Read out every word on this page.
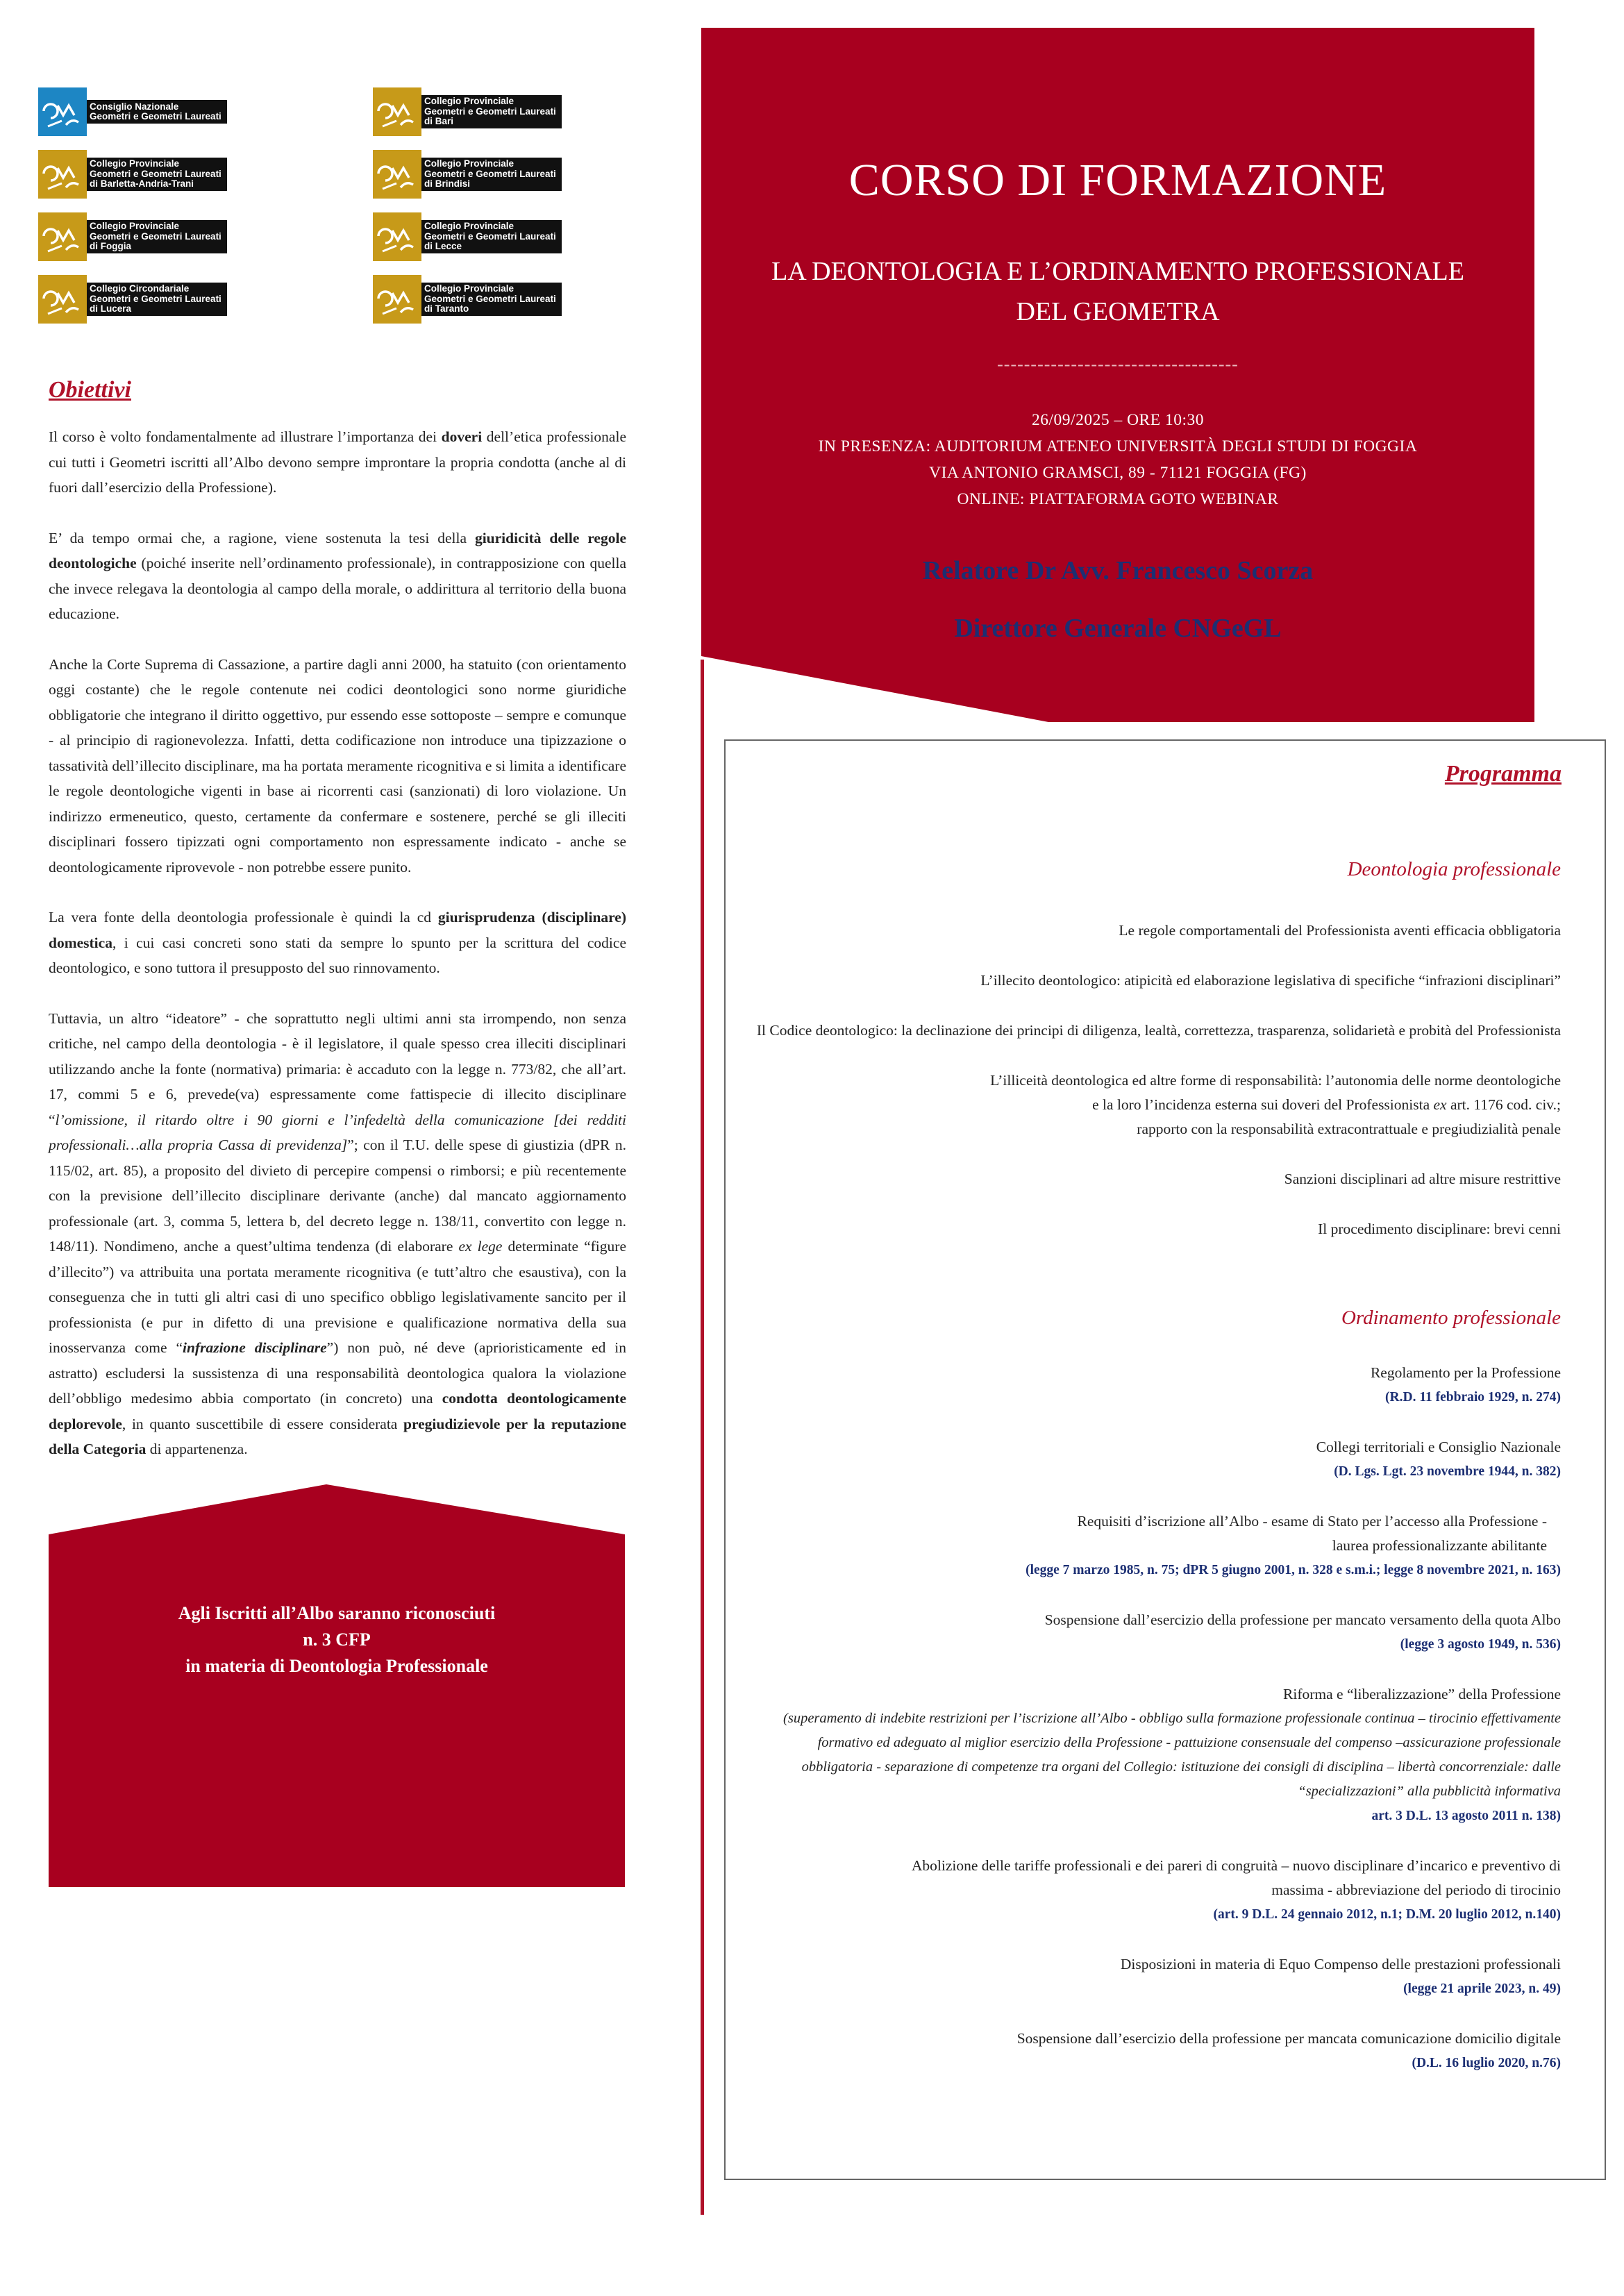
Consiglio Nazionale
Geometri e Geometri Laureati
Collegio Provinciale
Geometri e Geometri Laureati
di Bari
Collegio Provinciale
Geometri e Geometri Laureati
di Barletta-Andria-Trani
Collegio Provinciale
Geometri e Geometri Laureati
di Brindisi
Collegio Provinciale
Geometri e Geometri Laureati
di Foggia
Collegio Provinciale
Geometri e Geometri Laureati
di Lecce
Collegio Circondariale
Geometri e Geometri Laureati
di Lucera
Collegio Provinciale
Geometri e Geometri Laureati
di Taranto
Obiettivi

Il corso è volto fondamentalmente ad illustrare l’importanza dei doveri dell’etica professionale cui tutti i Geometri iscritti all’Albo devono sempre improntare la propria condotta (anche al di fuori dall’esercizio della Professione).

E’ da tempo ormai che, a ragione, viene sostenuta la tesi della giuridicità delle regole deontologiche (poiché inserite nell’ordinamento professionale), in contrapposizione con quella che invece relegava la deontologia al campo della morale, o addirittura al territorio della buona educazione.

Anche la Corte Suprema di Cassazione, a partire dagli anni 2000, ha statuito (con orientamento oggi costante) che le regole contenute nei codici deontologici sono norme giuridiche obbligatorie che integrano il diritto oggettivo, pur essendo esse sottoposte – sempre e comunque - al principio di ragionevolezza. Infatti, detta codificazione non introduce una tipizzazione o tassatività dell’illecito disciplinare, ma ha portata meramente ricognitiva e si limita a identificare le regole deontologiche vigenti in base ai ricorrenti casi (sanzionati) di loro violazione. Un indirizzo ermeneutico, questo, certamente da confermare e sostenere, perché se gli illeciti disciplinari fossero tipizzati ogni comportamento non espressamente indicato - anche se deontologicamente riprovevole - non potrebbe essere punito.

La vera fonte della deontologia professionale è quindi la cd giurisprudenza (disciplinare) domestica, i cui casi concreti sono stati da sempre lo spunto per la scrittura del codice deontologico, e sono tuttora il presupposto del suo rinnovamento.

Tuttavia, un altro “ideatore” - che soprattutto negli ultimi anni sta irrompendo, non senza critiche, nel campo della deontologia - è il legislatore, il quale spesso crea illeciti disciplinari utilizzando anche la fonte (normativa) primaria: è accaduto con la legge n. 773/82, che all’art. 17, commi 5 e 6, prevede(va) espressamente come fattispecie di illecito disciplinare “l’omissione, il ritardo oltre i 90 giorni e l’infedeltà della comunicazione [dei redditi professionali…alla propria Cassa di previdenza]”; con il T.U. delle spese di giustizia (dPR n. 115/02, art. 85), a proposito del divieto di percepire compensi o rimborsi; e più recentemente con la previsione dell’illecito disciplinare derivante (anche) dal mancato aggiornamento professionale (art. 3, comma 5, lettera b, del decreto legge n. 138/11, convertito con legge n. 148/11). Nondimeno, anche a quest’ultima tendenza (di elaborare ex lege determinate “figure d’illecito”) va attribuita una portata meramente ricognitiva (e tutt’altro che esaustiva), con la conseguenza che in tutti gli altri casi di uno specifico obbligo legislativamente sancito per il professionista (e pur in difetto di una previsione e qualificazione normativa della sua inosservanza come “infrazione disciplinare”) non può, né deve (aprioristicamente ed in astratto) escludersi la sussistenza di una responsabilità deontologica qualora la violazione dell’obbligo medesimo abbia comportato (in concreto) una condotta deontologicamente deplorevole, in quanto suscettibile di essere considerata pregiudizievole per la reputazione della Categoria di appartenenza.

Agli Iscritti all’Albo saranno riconosciuti
n. 3 CFP
in materia di Deontologia Professionale
CORSO DI FORMAZIONE
LA DEONTOLOGIA E L’ORDINAMENTO PROFESSIONALE
DEL GEOMETRA
------------------------------------
26/09/2025 – ORE 10:30
IN PRESENZA: AUDITORIUM ATENEO UNIVERSITÀ DEGLI STUDI DI FOGGIA
VIA ANTONIO GRAMSCI, 89 - 71121 FOGGIA (FG)
ONLINE: PIATTAFORMA GOTO WEBINAR
Relatore Dr Avv. Francesco Scorza
Direttore Generale CNGeGL
Programma
Deontologia professionale
Le regole comportamentali del Professionista aventi efficacia obbligatoria
L’illecito deontologico: atipicità ed elaborazione legislativa di specifiche “infrazioni disciplinari”
Il Codice deontologico: la declinazione dei principi di diligenza, lealtà, correttezza, trasparenza, solidarietà e probità del Professionista
L’illiceità deontologica ed altre forme di responsabilità: l’autonomia delle norme deontologiche
e la loro l’incidenza esterna sui doveri del Professionista ex art. 1176 cod. civ.;
rapporto con la responsabilità extracontrattuale e pregiudizialità penale
Sanzioni disciplinari ad altre misure restrittive
Il procedimento disciplinare: brevi cenni
Ordinamento professionale
Regolamento per la Professione
(R.D. 11 febbraio 1929, n. 274)
Collegi territoriali e Consiglio Nazionale
(D. Lgs. Lgt. 23 novembre 1944, n. 382)
Requisiti d’iscrizione all’Albo - esame di Stato per l’accesso alla Professione -
laurea professionalizzante abilitante
(legge 7 marzo 1985, n. 75; dPR 5 giugno 2001, n. 328 e s.m.i.; legge 8 novembre 2021, n. 163)
Sospensione dall’esercizio della professione per mancato versamento della quota Albo
(legge 3 agosto 1949, n. 536)
Riforma e “liberalizzazione” della Professione
(superamento di indebite restrizioni per l’iscrizione all’Albo - obbligo sulla formazione professionale continua – tirocinio effettivamente formativo ed adeguato al miglior esercizio della Professione - pattuizione consensuale del compenso –assicurazione professionale obbligatoria - separazione di competenze tra organi del Collegio: istituzione dei consigli di disciplina – libertà concorrenziale: dalle “specializzazioni” alla pubblicità informativa
art. 3 D.L. 13 agosto 2011 n. 138)
Abolizione delle tariffe professionali e dei pareri di congruità – nuovo disciplinare d’incarico e preventivo di
massima - abbreviazione del periodo di tirocinio
(art. 9 D.L. 24 gennaio 2012, n.1; D.M. 20 luglio 2012, n.140)
Disposizioni in materia di Equo Compenso delle prestazioni professionali
(legge 21 aprile 2023, n. 49)
Sospensione dall’esercizio della professione per mancata comunicazione domicilio digitale
(D.L. 16 luglio 2020, n.76)
